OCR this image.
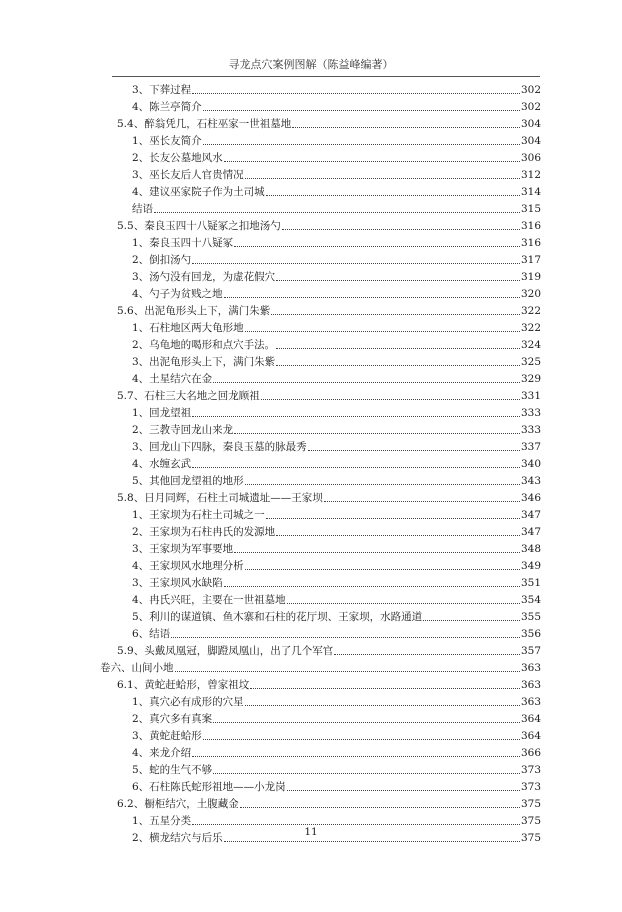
寻龙点穴案例图解（陈益峰编著）
3、下葬过程	302
4、陈兰亭简介	302
5.4、醉翁凭几，石柱巫家一世祖墓地	304
1、巫长友简介	304
2、长友公墓地风水	306
3、巫长友后人官贵情况	312
4、建议巫家院子作为土司城	314
结语	315
5.5、秦良玉四十八疑冢之扣地汤勺	316
1、秦良玉四十八疑冢	316
2、倒扣汤勺	317
3、汤勺没有回龙，为虚花假穴	319
4、勺子为贫贱之地	320
5.6、出泥龟形头上下，满门朱紫	322
1、石柱地区两大龟形地	322
2、乌龟地的喝形和点穴手法。	324
3、出泥龟形头上下，满门朱紫	325
4、土星结穴在金	329
5.7、石柱三大名地之回龙顾祖	331
1、回龙望祖	333
2、三教寺回龙山来龙	333
3、回龙山下四脉，秦良玉墓的脉最秀	337
4、水缠玄武	340
5、其他回龙望祖的地形	343
5.8、日月同辉，石柱土司城遗址——王家坝	346
1、王家坝为石柱土司城之一	347
2、王家坝为石柱冉氏的发源地	347
3、王家坝为军事要地	348
4、王家坝风水地理分析	349
3、王家坝风水缺陷	351
4、冉氏兴旺，主要在一世祖墓地	354
5、利川的谋道镇、鱼木寨和石柱的花厅坝、王家坝，水路通道	355
6、结语	356
5.9、头戴凤凰冠，脚蹬凤凰山，出了几个军官	357
卷六、山间小地	363
6.1、黄蛇赶蛤形，曾家祖坟	363
1、真穴必有成形的穴星	363
2、真穴多有真案	364
3、黄蛇赶蛤形	364
4、来龙介绍	366
5、蛇的生气不够	373
6、石柱陈氏蛇形祖地——小龙岗	373
6.2、橱柜结穴，土腹藏金	375
1、五星分类	375
2、横龙结穴与后乐	375
11
